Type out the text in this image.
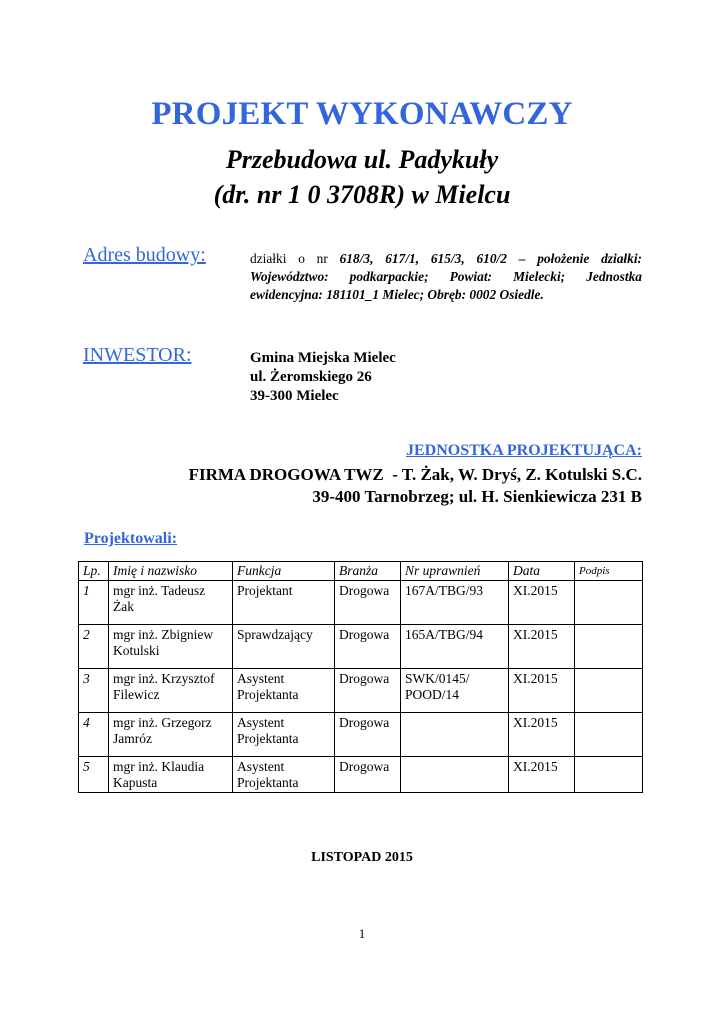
PROJEKT WYKONAWCZY
Przebudowa ul. Padykuły
(dr. nr 1 0 3708R) w Mielcu
Adres budowy:	działki o nr 618/3, 617/1, 615/3, 610/2 – położenie działki: Województwo: podkarpackie; Powiat: Mielecki; Jednostka ewidencyjna: 181101_1 Mielec; Obręb: 0002 Osiedle.
INWESTOR:	Gmina Miejska Mielec
ul. Żeromskiego 26
39-300 Mielec
JEDNOSTKA PROJEKTUJĄCA:
FIRMA DROGOWA TWZ  - T. Żak, W. Dryś, Z. Kotulski S.C.
39-400 Tarnobrzeg; ul. H. Sienkiewicza 231 B
Projektowali:
Lp.	Imię i nazwisko	Funkcja	Branża	Nr uprawnień	Data	Podpis
1	mgr inż. Tadeusz Żak	Projektant	Drogowa	167A/TBG/93	XI.2015	
2	mgr inż. Zbigniew Kotulski	Sprawdzający	Drogowa	165A/TBG/94	XI.2015	
3	mgr inż. Krzysztof Filewicz	Asystent Projektanta	Drogowa	SWK/0145/ POOD/14	XI.2015	
4	mgr inż. Grzegorz Jamróz	Asystent Projektanta	Drogowa		XI.2015	
5	mgr inż. Klaudia Kapusta	Asystent Projektanta	Drogowa		XI.2015	
LISTOPAD 2015
1
